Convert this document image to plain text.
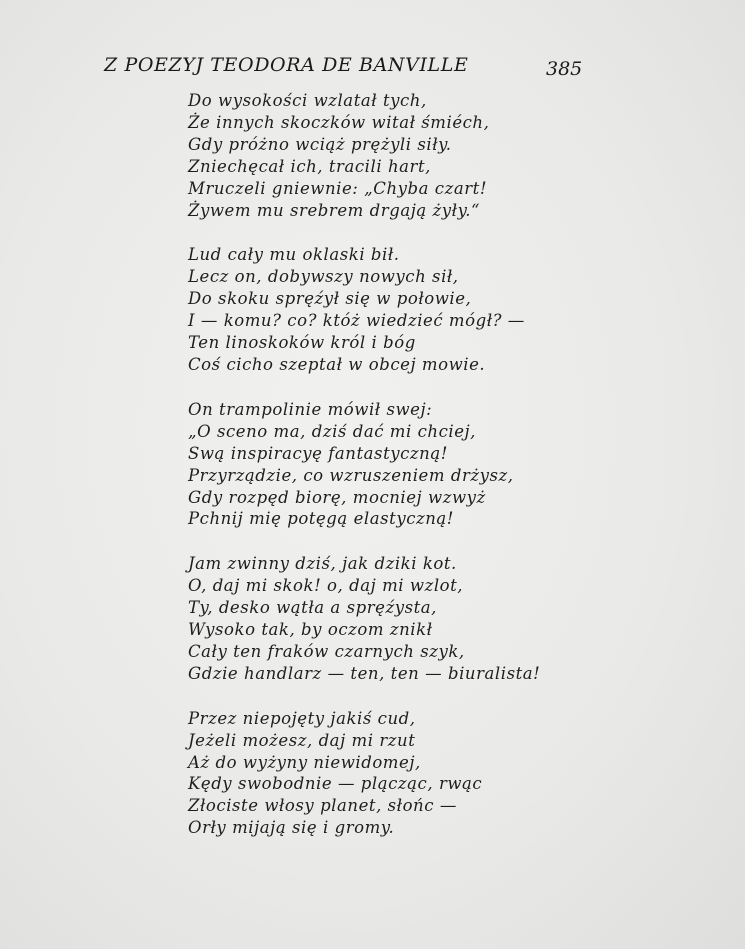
Z POEZYJ TEODORA DE BANVILLE	385
Do wysokości wzlatał tych,
Że innych skoczków witał śmiéch,
Gdy próżno wciąż prężyli siły.
Zniechęcał ich, tracili hart,
Mruczeli gniewnie: „Chyba czart!
Żywem mu srebrem drgają żyły.“
Lud cały mu oklaski bił.
Lecz on, dobywszy nowych sił,
Do skoku spręźył się w połowie,
I — komu? co? któż wiedzieć mógł? —
Ten linoskoków król i bóg
Coś cicho szeptał w obcej mowie.
On trampolinie mówił swej:
„O sceno ma, dziś dać mi chciej,
Swą inspiracyę fantastyczną!
Przyrządzie, co wzruszeniem drżysz,
Gdy rozpęd biorę, mocniej wzwyż
Pchnij mię potęgą elastyczną!
Jam zwinny dziś, jak dziki kot.
O, daj mi skok! o, daj mi wzlot,
Ty, desko wątła a spręźysta,
Wysoko tak, by oczom znikł
Cały ten fraków czarnych szyk,
Gdzie handlarz — ten, ten — biuralista!
Przez niepojęty jakiś cud,
Jeżeli możesz, daj mi rzut
Aż do wyżyny niewidomej,
Kędy swobodnie — plącząc, rwąc
Złociste włosy planet, słońc —
Orły mijają się i gromy.
